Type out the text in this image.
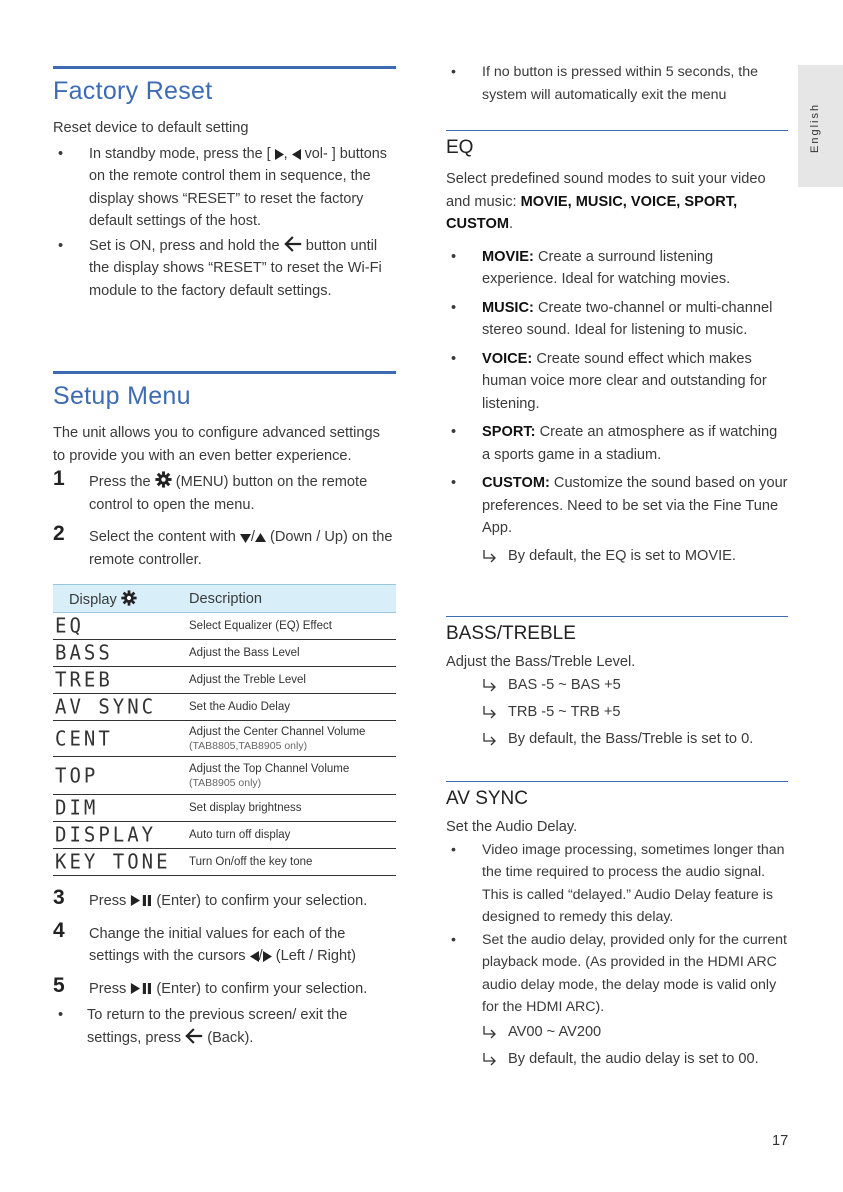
Factory Reset

Reset device to default setting

• In standby mode, press the [ ,  vol- ] buttons on the remote control them in sequence, the display shows “RESET” to reset the factory default settings of the host.
• Set is ON, press and hold the  button until the display shows “RESET” to reset the Wi-Fi module to the factory default settings.
Setup Menu

The unit allows you to configure advanced settings to provide you with an even better experience.

1 Press the  (MENU) button on the remote control to open the menu.
2 Select the content with / (Down / Up) on the remote controller.
Display	Description
EQ	Select Equalizer (EQ) Effect
BASS	Adjust the Bass Level
TREB	Adjust the Treble Level
AV SYNC	Set the Audio Delay
CENT	Adjust the Center Channel Volume
(TAB8805,TAB8905 only)

TOP	Adjust the Top Channel Volume
(TAB8905 only)

DIM	Set display brightness
DISPLAY	Auto turn off display
KEY TONE	Turn On/off the key tone
3 Press  (Enter) to confirm your selection.
4 Change the initial values for each of the settings with the cursors / (Left / Right)
5 Press  (Enter) to confirm your selection.
• To return to the previous screen/ exit the settings, press  (Back).
• If no button is pressed within 5 seconds, the system will automatically exit the menu
EQ

Select predefined sound modes to suit your video and music: MOVIE, MUSIC, VOICE, SPORT, CUSTOM.

• MOVIE: Create a surround listening experience. Ideal for watching movies.
• MUSIC: Create two-channel or multi-channel stereo sound. Ideal for listening to music.
• VOICE: Create sound effect which makes human voice more clear and outstanding for listening.
• SPORT: Create an atmosphere as if watching a sports game in a stadium.
• CUSTOM: Customize the sound based on your preferences. Need to be set via the Fine Tune App.
By default, the EQ is set to MOVIE.
BASS/TREBLE

Adjust the Bass/Treble Level.

BAS -5 ~ BAS +5
TRB -5 ~ TRB +5
By default, the Bass/Treble is set to 0.
AV SYNC

Set the Audio Delay.

• Video image processing, sometimes longer than the time required to process the audio signal. This is called “delayed.” Audio Delay feature is designed to remedy this delay.
• Set the audio delay, provided only for the current playback mode. (As provided in the HDMI ARC audio delay mode, the delay mode is valid only for the HDMI ARC).
AV00 ~ AV200
By default, the audio delay is set to 00.
English
17
